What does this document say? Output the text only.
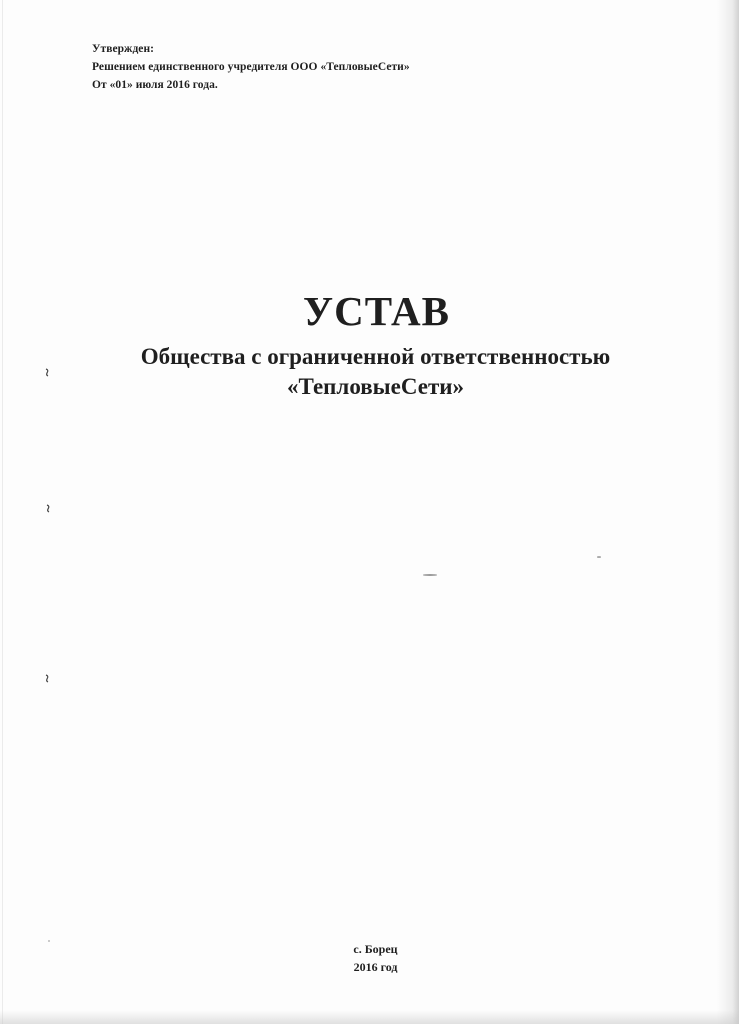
Утвержден:
Решением единственного учредителя ООО «ТепловыеСети»
От «01» июля 2016 года.
УСТАВ
Общества с ограниченной ответственностью
«ТепловыеСети»
с. Борец
2016 год
